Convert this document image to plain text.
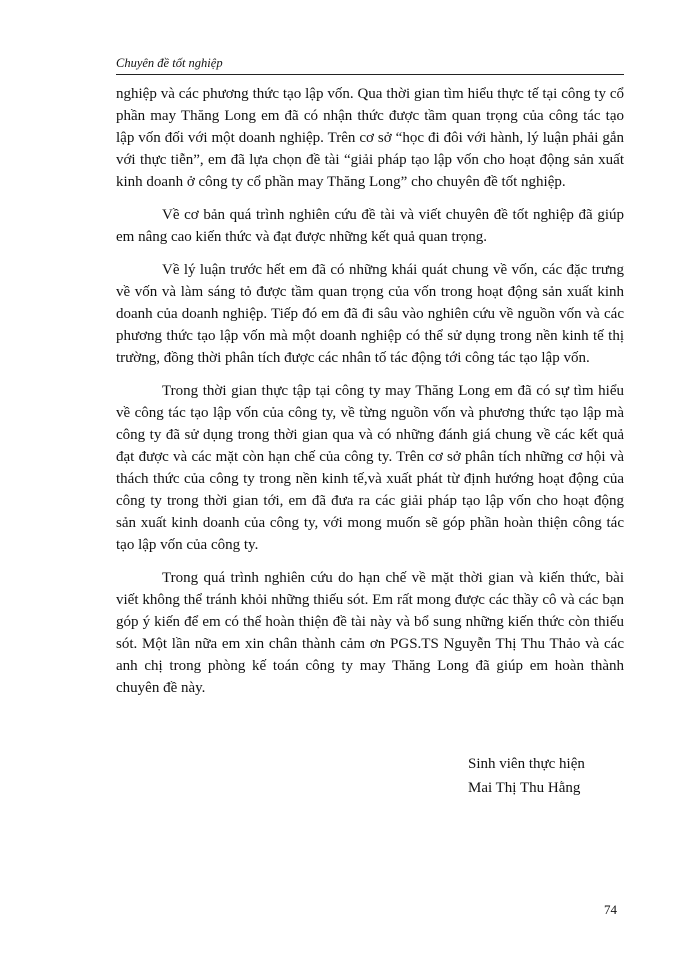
Chuyên đề tốt nghiệp

nghiệp và các phương thức tạo lập vốn. Qua thời gian tìm hiểu thực tế tại công ty cổ phần may Thăng Long em đã có nhận thức được tầm quan trọng của công tác tạo lập vốn đối với một doanh nghiệp. Trên cơ sở “học đi đôi với hành, lý luận phải gắn với thực tiễn”, em đã lựa chọn đề tài “giải pháp tạo lập vốn cho hoạt động sản xuất kinh doanh ở công ty cổ phần may Thăng Long” cho chuyên đề tốt nghiệp.

Về cơ bản quá trình nghiên cứu đề tài và viết chuyên đề tốt nghiệp đã giúp em nâng cao kiến thức và đạt được những kết quả quan trọng.

Về lý luận trước hết em đã có những khái quát chung về vốn, các đặc trưng về vốn và làm sáng tỏ được tầm quan trọng của vốn trong hoạt động sản xuất kinh doanh của doanh nghiệp. Tiếp đó em đã đi sâu vào nghiên cứu về nguồn vốn và các phương thức tạo lập vốn mà một doanh nghiệp có thể sử dụng trong nền kinh tế thị trường, đồng thời phân tích được các nhân tố tác động tới công tác tạo lập vốn.

Trong thời gian thực tập tại công ty may Thăng Long em đã có sự tìm hiểu về công tác tạo lập vốn của công ty, về từng nguồn vốn và phương thức tạo lập mà công ty đã sử dụng trong thời gian qua và có những đánh giá chung về các kết quả đạt được và các mặt còn hạn chế của công ty. Trên cơ sở phân tích những cơ hội và thách thức của công ty trong nền kinh tế,và xuất phát từ định hướng hoạt động của công ty trong thời gian tới, em đã đưa ra các giải pháp tạo lập vốn cho hoạt động sản xuất kinh doanh của công ty, với mong muốn sẽ góp phần hoàn thiện công tác tạo lập vốn của công ty.

Trong quá trình nghiên cứu do hạn chế về mặt thời gian và kiến thức, bài viết không thể tránh khỏi những thiếu sót. Em rất mong được các thầy cô và các bạn góp ý kiến để em có thể hoàn thiện đề tài này và bổ sung những kiến thức còn thiếu sót. Một lần nữa em xin chân thành cảm ơn PGS.TS Nguyễn Thị Thu Thảo và các anh chị trong phòng kế toán công ty may Thăng Long đã giúp em hoàn thành chuyên đề này.

Sinh viên thực hiện
Mai Thị Thu Hằng
74
